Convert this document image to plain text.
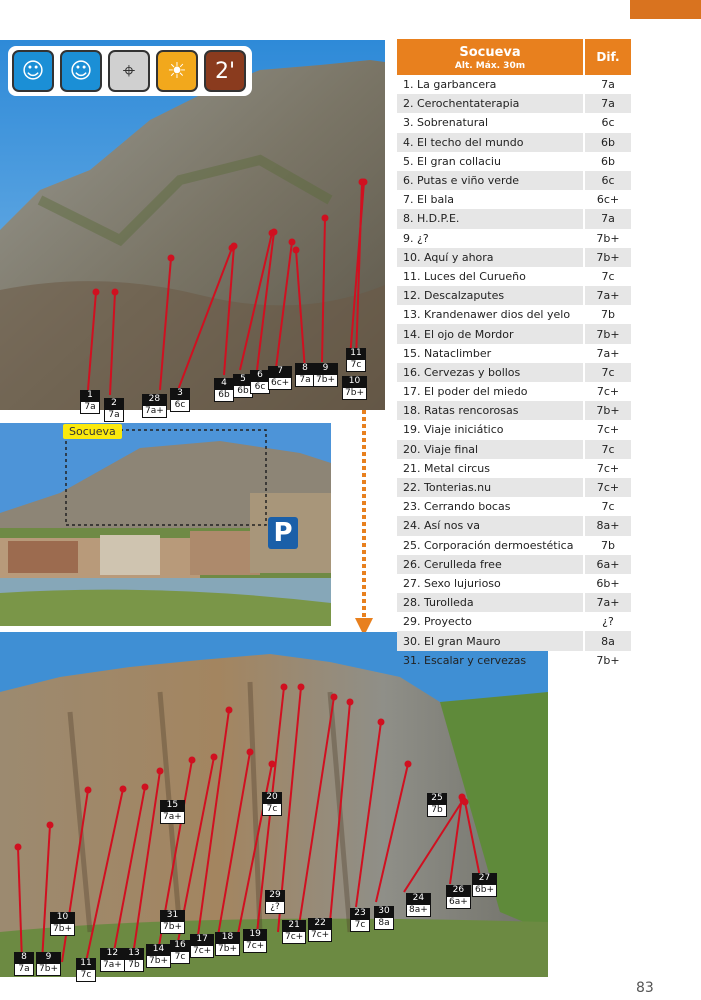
☺	☺	⌖	☀	2'
Socueva
P
1
7a	2
7a
28
7a+
3
6c
4
6b
5
6b
6
6c
7
6c+
8
7a
9
7b+	10
7b+
11
7c
8
7a
9
7b+
10
7b+
11
7c
12
7a+
13
7b
14
7b+
15
7a+
16
7c
17
7c+
18
7b+
19
7c+
20
7c
21
7c+
22
7c+
23
7c
24
8a+
25
7b
26
6a+
27
6b+
29
¿?	30
8a
31
7b+
Socueva
Alt. Máx. 30m	Dif.
1. La garbancera	7a
2. Cerochentaterapia	7a
3. Sobrenatural	6c
4. El techo del mundo	6b
5. El gran collaciu	6b
6. Putas e viño verde	6c
7. El bala	6c+
8. H.D.P.E.	7a
9. ¿?	7b+
10. Aquí y ahora	7b+
11. Luces del Curueño	7c
12. Descalzaputes	7a+
13. Krandenawer dios del yelo	7b
14. El ojo de Mordor	7b+
15. Nataclimber	7a+
16. Cervezas y bollos	7c
17. El poder del miedo	7c+
18. Ratas rencorosas	7b+
19. Viaje iniciático	7c+
20. Viaje final	7c
21. Metal circus	7c+
22. Tonterias.nu	7c+
23. Cerrando bocas	7c
24. Así nos va	8a+
25. Corporación dermoestética	7b
26. Cerulleda free	6a+
27. Sexo lujurioso	6b+
28. Turolleda	7a+
29. Proyecto	¿?
30. El gran Mauro	8a
31. Escalar y cervezas	7b+
83
